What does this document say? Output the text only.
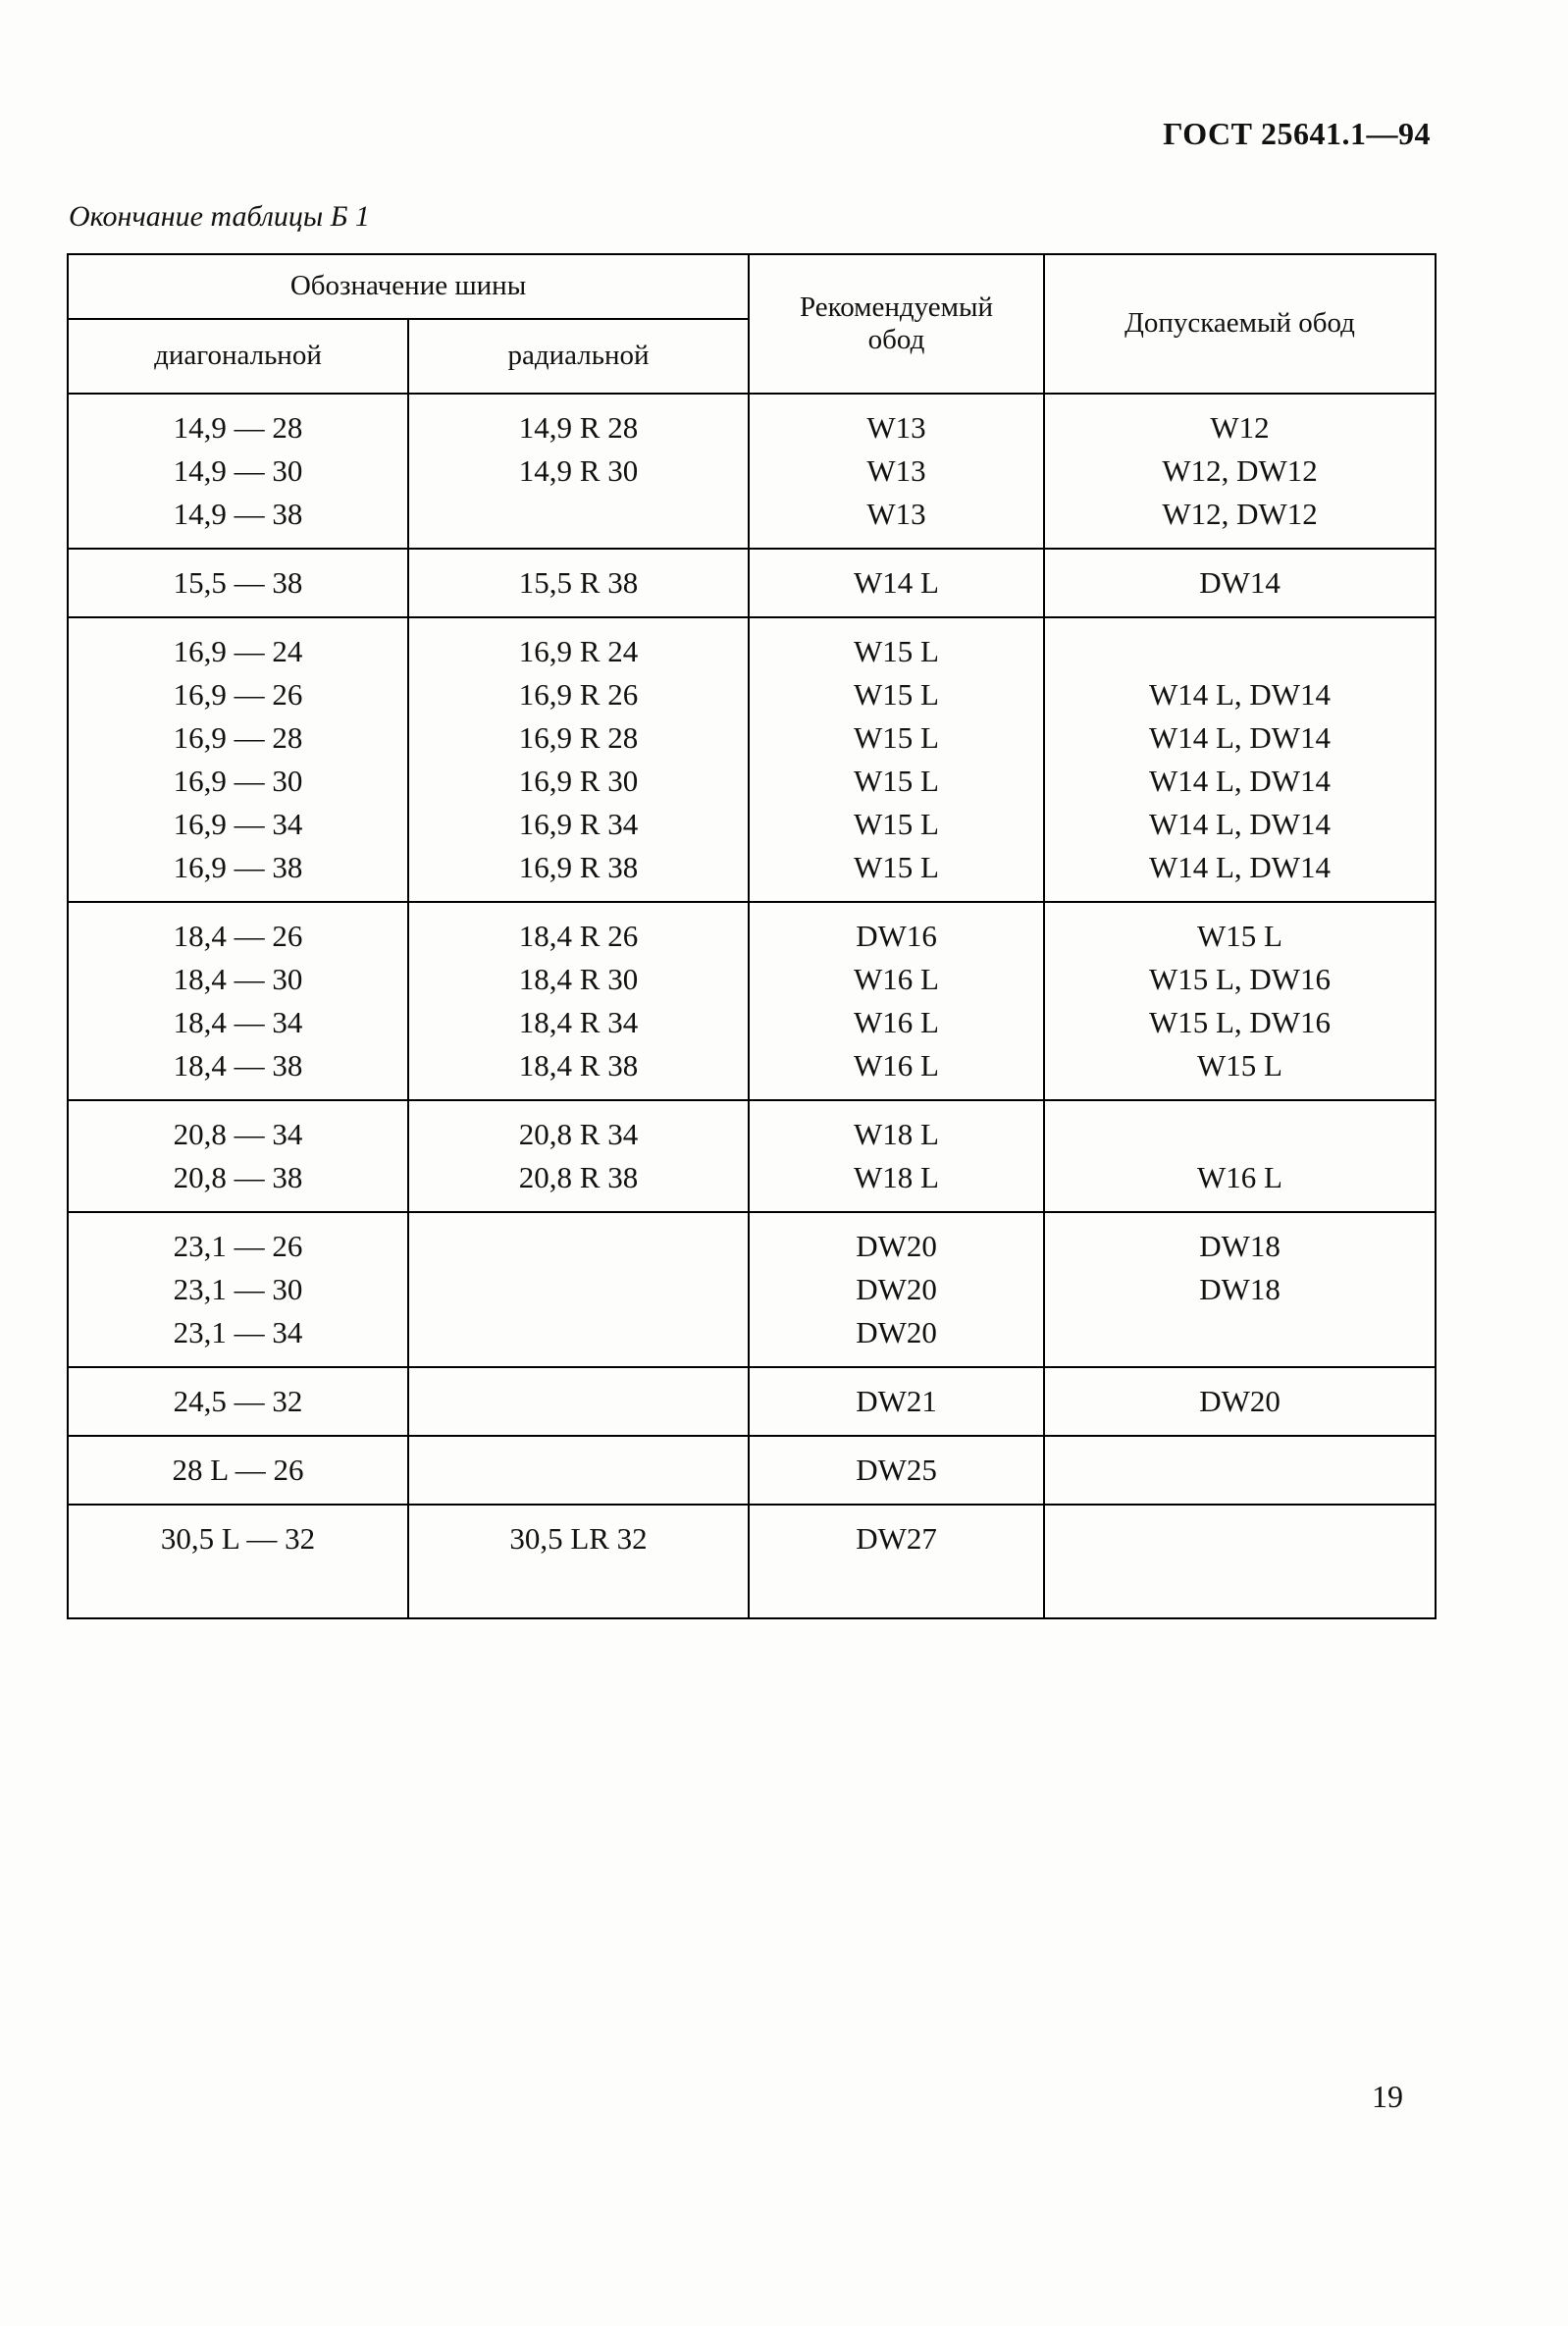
ГОСТ 25641.1—94
Окончание таблицы Б 1
Обозначение шины		Рекомендуемый обод	Допускаемый обод
диагональной	радиальной		
14,9 — 28	14,9 R 28	W13	W12
14,9 — 30	14,9 R 30	W13	W12, DW12
14,9 — 38		W13	W12, DW12
15,5 — 38	15,5 R 38	W14 L	DW14
16,9 — 24	16,9 R 24	W15 L	
16,9 — 26	16,9 R 26	W15 L	W14 L, DW14
16,9 — 28	16,9 R 28	W15 L	W14 L, DW14
16,9 — 30	16,9 R 30	W15 L	W14 L, DW14
16,9 — 34	16,9 R 34	W15 L	W14 L, DW14
16,9 — 38	16,9 R 38	W15 L	W14 L, DW14
18,4 — 26	18,4 R 26	DW16	W15 L
18,4 — 30	18,4 R 30	W16 L	W15 L, DW16
18,4 — 34	18,4 R 34	W16 L	W15 L, DW16
18,4 — 38	18,4 R 38	W16 L	W15 L
20,8 — 34	20,8 R 34	W18 L	
20,8 — 38	20,8 R 38	W18 L	W16 L
23,1 — 26		DW20	DW18
23,1 — 30		DW20	DW18
23,1 — 34		DW20	
24,5 — 32		DW21	DW20
28 L — 26		DW25	
30,5 L — 32	30,5 LR 32	DW27	
19
